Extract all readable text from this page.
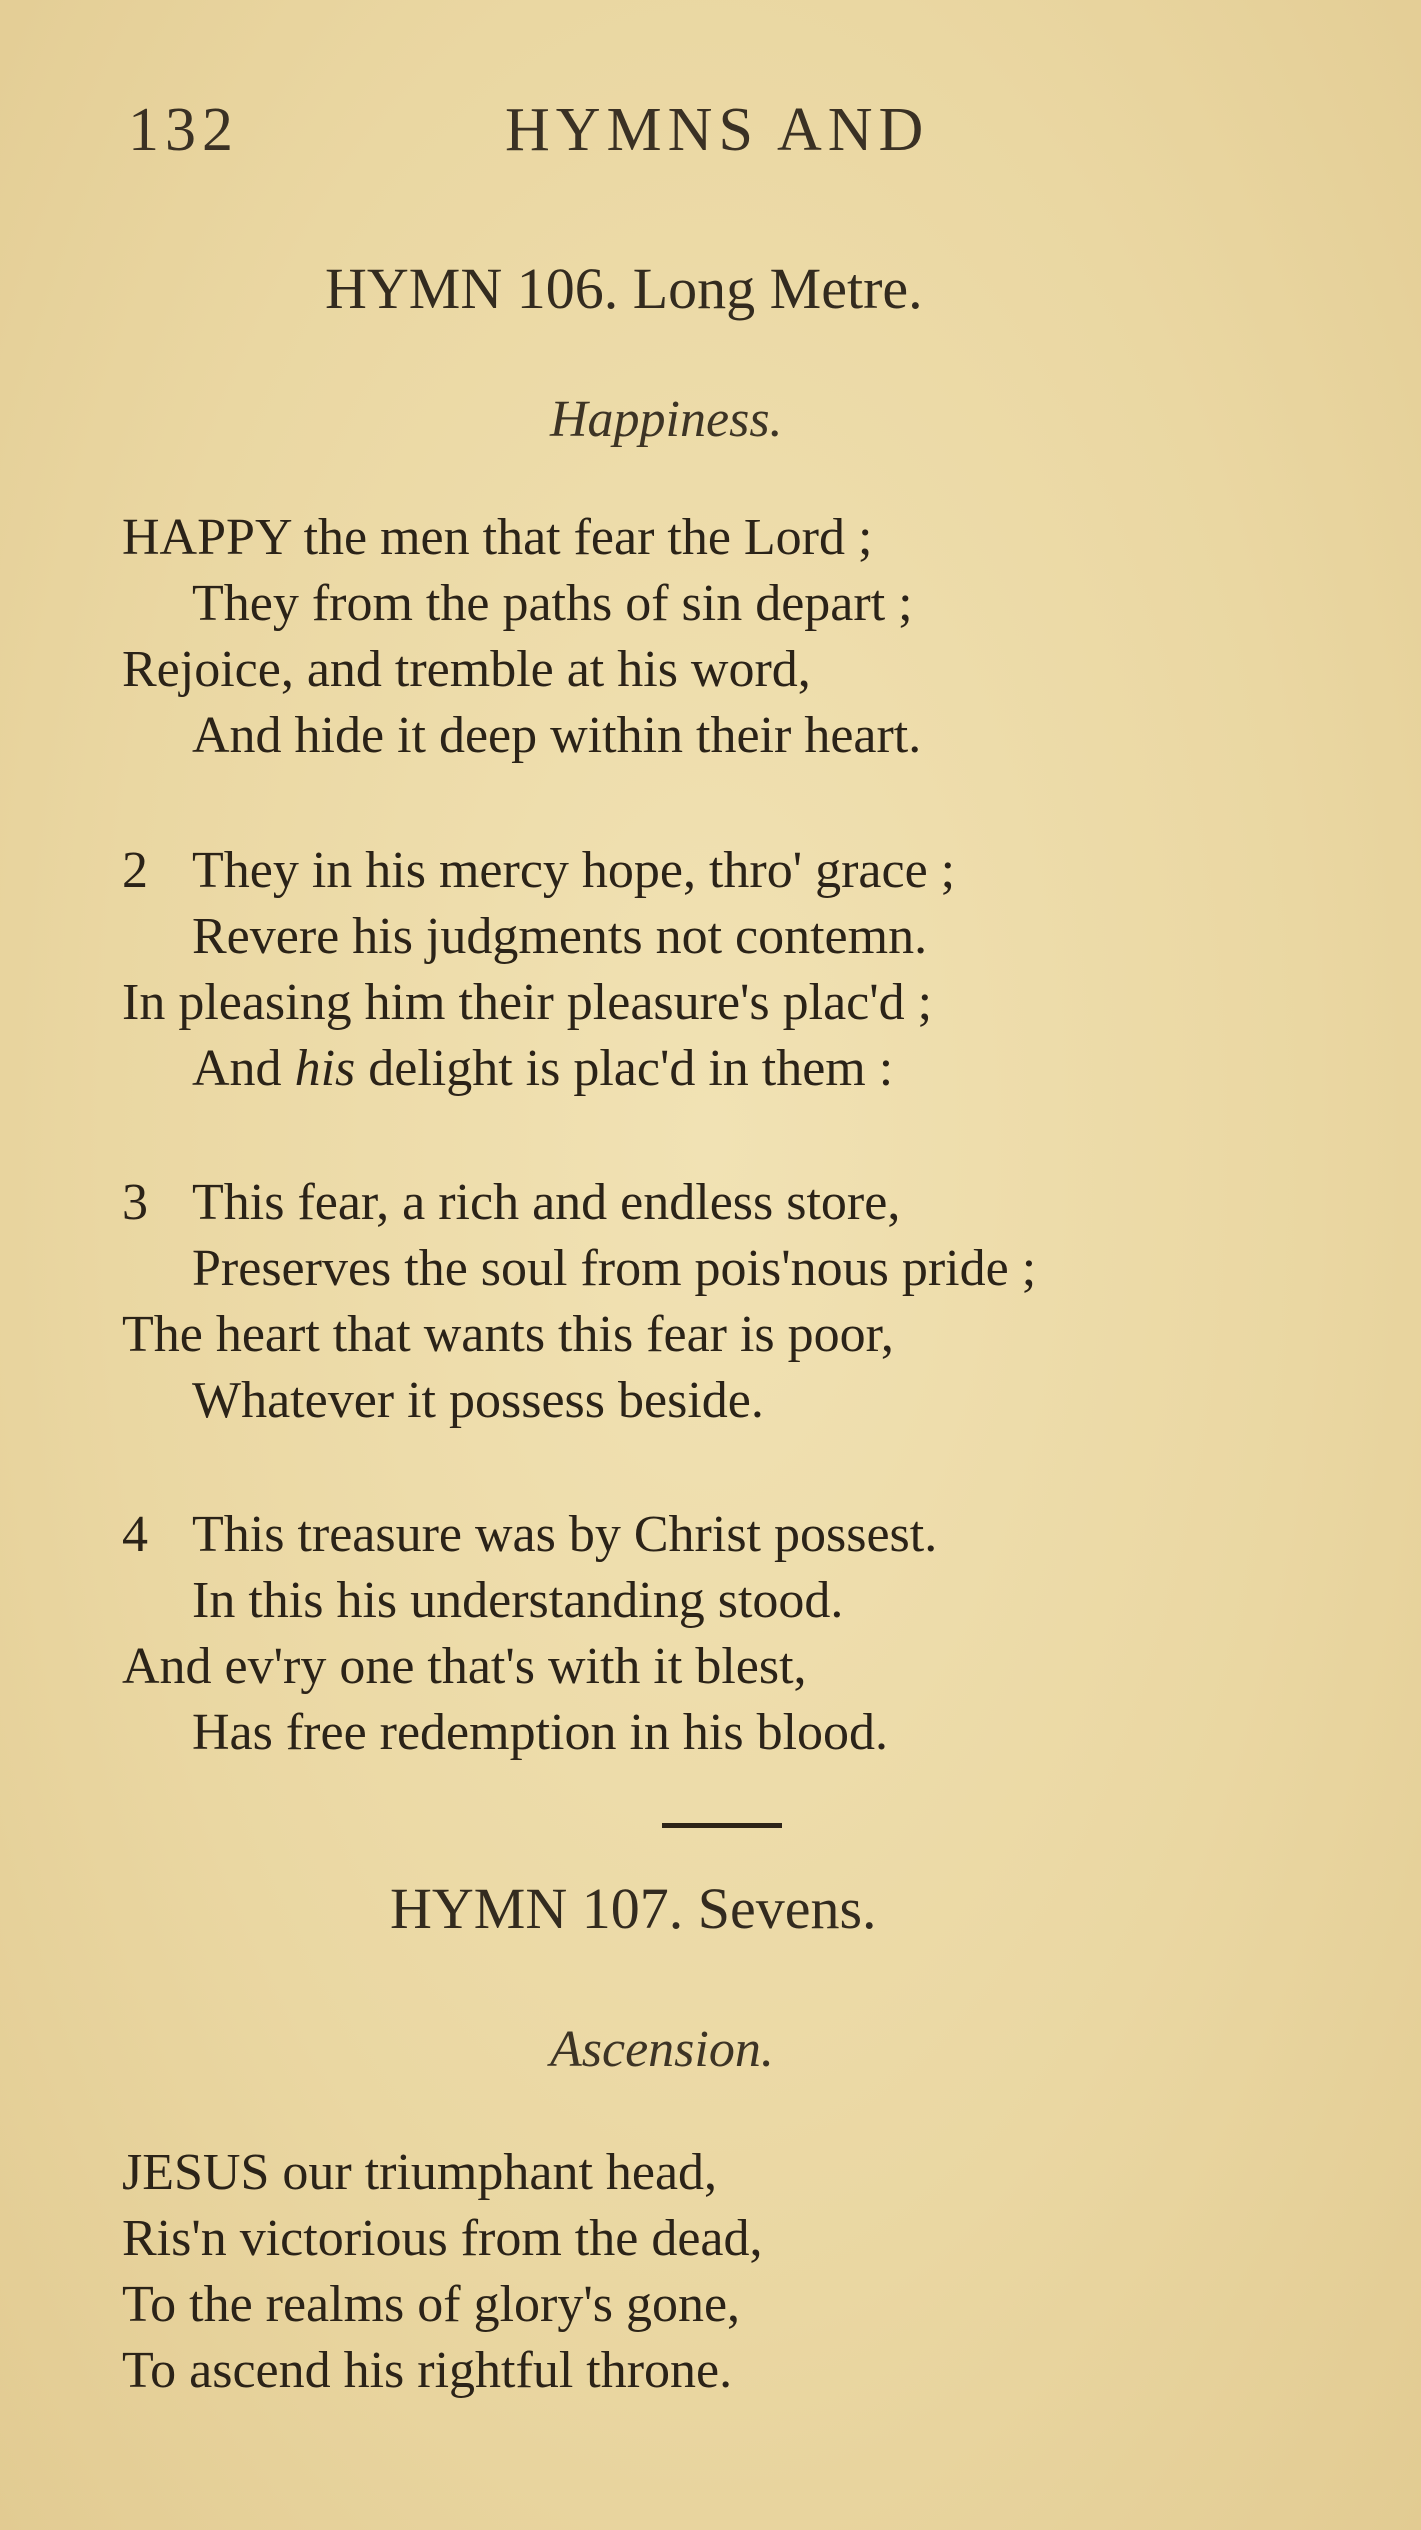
132	HYMNS AND
HYMN 106. Long Metre.
Happiness.
HAPPY the men that fear the Lord ;
They from the paths of sin depart ;
Rejoice, and tremble at his word,
And hide it deep within their heart.
2 They in his mercy hope, thro' grace ;
Revere his judgments not contemn.
In pleasing him their pleasure's plac'd ;
And his delight is plac'd in them :
3 This fear, a rich and endless store,
Preserves the soul from pois'nous pride ;
The heart that wants this fear is poor,
Whatever it possess beside.
4 This treasure was by Christ possest.
In this his understanding stood.
And ev'ry one that's with it blest,
Has free redemption in his blood.
HYMN 107. Sevens.
Ascension.
JESUS our triumphant head,
Ris'n victorious from the dead,
To the realms of glory's gone,
To ascend his rightful throne.
